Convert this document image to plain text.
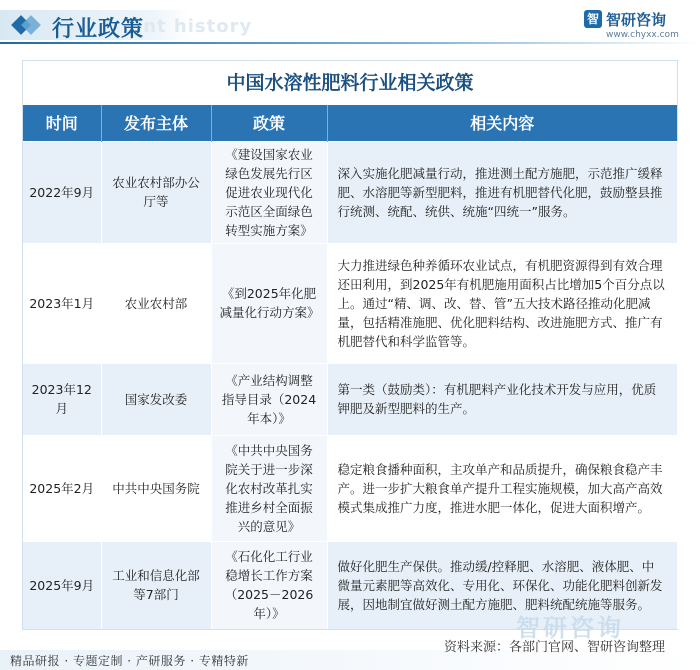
ent history
行业政策	智 智研咨询
www.chyxx.com
中国水溶性肥料行业相关政策
时间	发布主体	政策	相关内容
2022年9月	农业农村部办公厅等	《建设国家农业绿色发展先行区促进农业现代化示范区全面绿色转型实施方案》	深入实施化肥减量行动，推进测土配方施肥，示范推广缓释肥、水溶肥等新型肥料，推进有机肥替代化肥，鼓励整县推行统测、统配、统供、统施“四统一”服务。
2023年1月	农业农村部	《到2025年化肥减量化行动方案》	大力推进绿色种养循环农业试点，有机肥资源得到有效合理还田利用，到2025年有机肥施用面积占比增加5个百分点以上。通过“精、调、改、替、管”五大技术路径推动化肥减量，包括精准施肥、优化肥料结构、改进施肥方式、推广有机肥替代和科学监管等。
2023年12月	国家发改委	《产业结构调整指导目录（2024年本）》	第一类（鼓励类）：有机肥料产业化技术开发与应用，优质钾肥及新型肥料的生产。
2025年2月	中共中央国务院	《中共中央国务院关于进一步深化农村改革扎实推进乡村全面振兴的意见》	稳定粮食播种面积，主攻单产和品质提升，确保粮食稳产丰产。进一步扩大粮食单产提升工程实施规模，加大高产高效模式集成推广力度，推进水肥一体化，促进大面积增产。
2025年9月	工业和信息化部等7部门	《石化化工行业稳增长工作方案（2025－2026年）》	做好化肥生产保供。推动缓/控释肥、水溶肥、液体肥、中微量元素肥等高效化、专用化、环保化、功能化肥料创新发展，因地制宜做好测土配方施肥、肥料统配统施等服务。
智研咨询
资料来源：各部门官网、智研咨询整理
精品研报 · 专题定制 · 产研服务 · 专精特新
